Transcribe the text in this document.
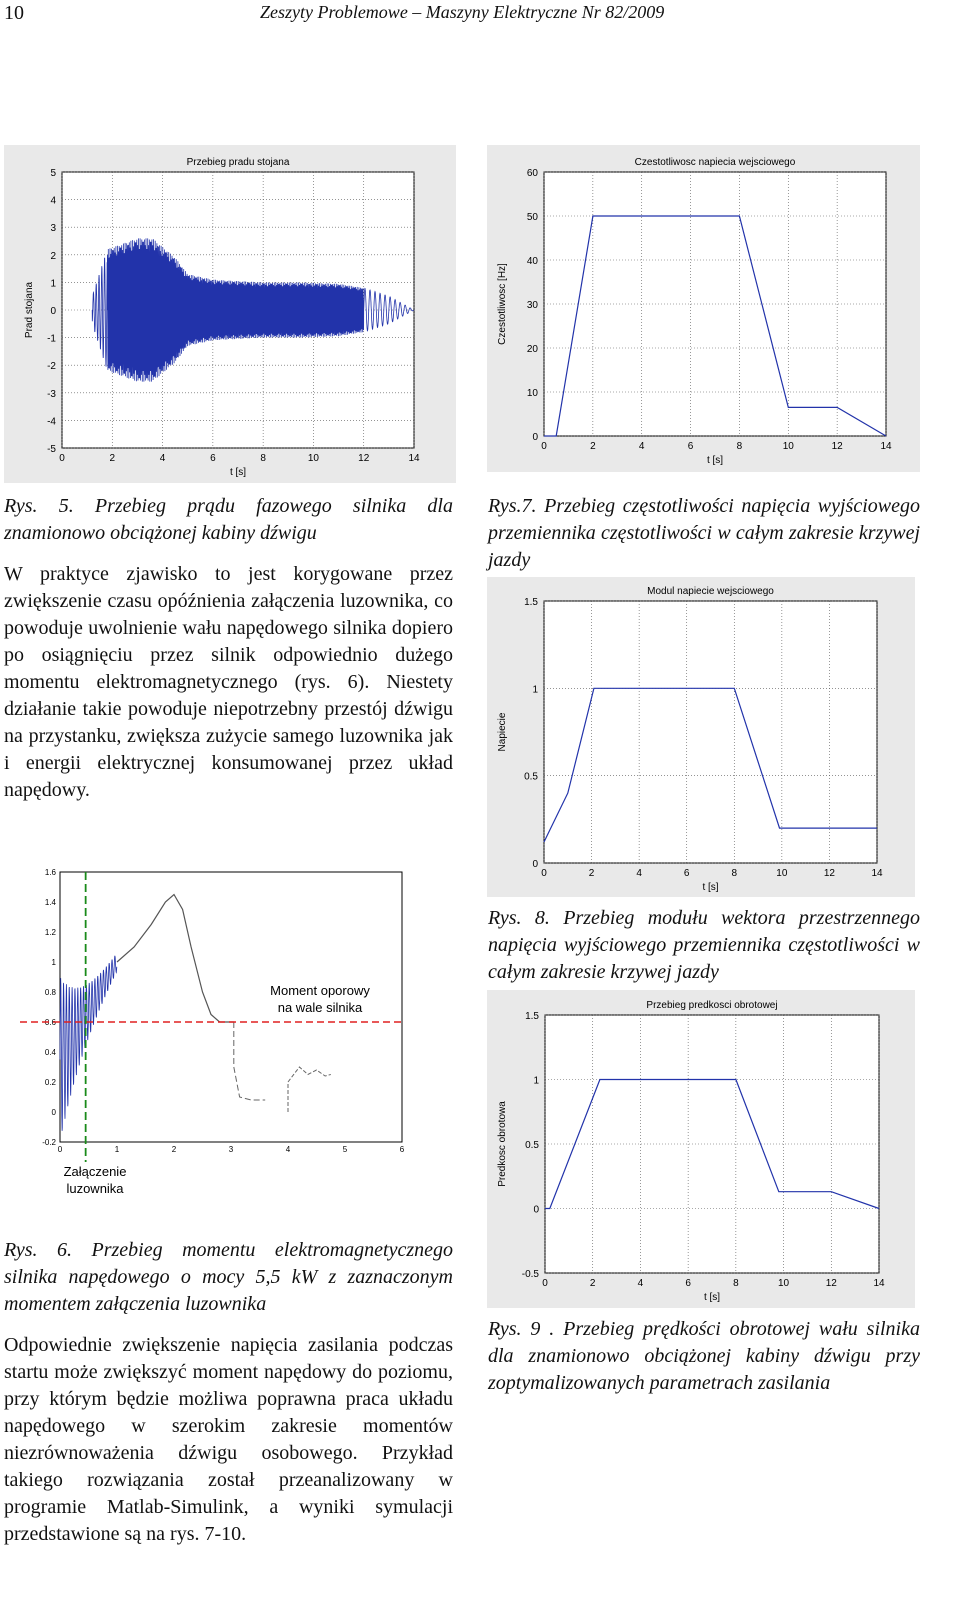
10	Zeszyty Problemowe – Maszyny Elektryczne Nr 82/2009
0	2	4	6	8	10	12	14
-5
-4
-3
-2
-1
0
1
2
3
4
5
Przebieg pradu stojana
t [s]
Prad stojana
0	2	4	6	8	10	12	14
0
10
20
30
40
50
60
Czestotliwosc napiecia wejsciowego
t [s]
Czestotliwosc [Hz]

Rys. 5. Przebieg prądu fazowego silnika dla znamionowo obciążonej kabiny dźwigu

W praktyce zjawisko to jest korygowane przez zwiększenie czasu opóźnienia załączenia luzownika, co powoduje uwolnienie wału napędowego silnika dopiero po osiągnięciu przez silnik odpowiednio dużego momentu elektromagnetycznego (rys. 6). Niestety działanie takie powoduje niepotrzebny przestój dźwigu na przystanku, zwiększa zużycie samego luzownika jak i energii elektrycznej konsumowanej przez układ napędowy.

Rys.7. Przebieg częstotliwości napięcia wyjściowego przemiennika częstotliwości w całym zakresie krzywej jazdy

0	2	4	6	8	10	12	14
0
0.5
1
1.5
Modul napiecie wejsciowego
t [s]
Napiecie

Rys. 8. Przebieg modułu wektora przestrzennego napięcia wyjściowego przemiennika częstotliwości w całym zakresie krzywej jazdy

0	1	2	3	4	5	6
-0.2
0
0.2
0.4
0.6
0.8
1
1.2
1.4
1.6
Moment oporowy
na wale silnika
Załączenie
luzownika
0	2	4	6	8	10	12	14
-0.5
0
0.5
1
1.5
Przebieg predkosci obrotowej
t [s]
Predkosc obrotowa

Rys. 6. Przebieg momentu elektromagnetycznego silnika napędowego o mocy 5,5 kW z zaznaczonym momentem załączenia luzownika

Odpowiednie zwiększenie napięcia zasilania podczas startu może zwiększyć moment napędowy do poziomu, przy którym będzie możliwa poprawna praca układu napędowego w szerokim zakresie momentów niezrównoważenia dźwigu osobowego. Przykład takiego rozwiązania został przeanalizowany w programie Matlab-Simulink, a wyniki symulacji przedstawione są na rys. 7-10.

Rys. 9 . Przebieg prędkości obrotowej wału silnika dla znamionowo obciążonej kabiny dźwigu przy zoptymalizowanych parametrach zasilania
